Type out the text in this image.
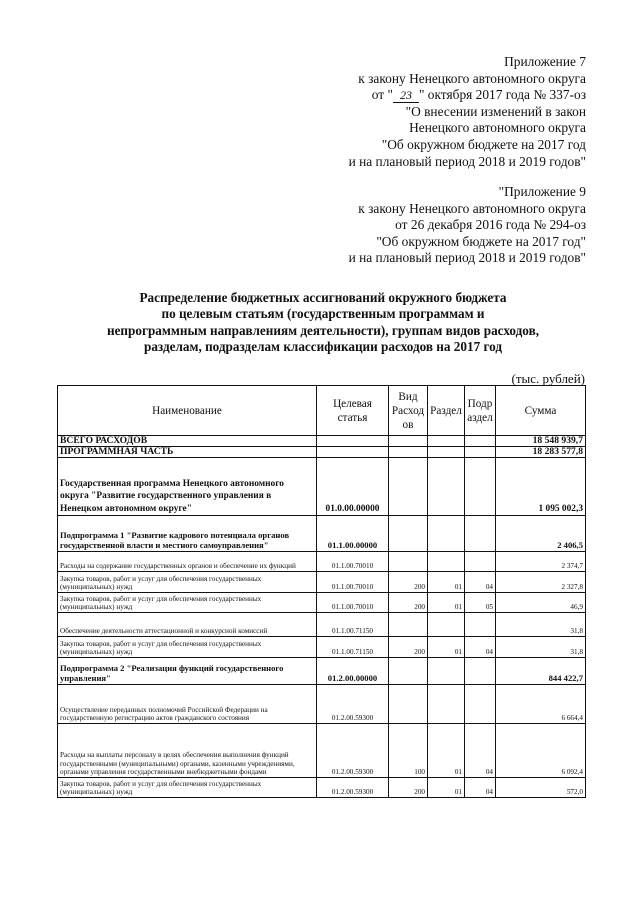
Приложение 7
к закону Ненецкого автономного округа
от " 23 " октября 2017 года № 337-оз
"О внесении изменений в закон
Ненецкого автономного округа
"Об окружном бюджете на 2017 год
и на плановый период 2018 и 2019 годов"
"Приложение 9
к закону Ненецкого автономного округа
от 26 декабря 2016 года № 294-оз
"Об окружном бюджете на 2017 год"
и на плановый период 2018 и 2019 годов"
Распределение бюджетных ассигнований окружного бюджета
по целевым статьям (государственным программам и
непрограммным направлениям деятельности), группам видов расходов,
разделам, подразделам классификации расходов на 2017 год
(тыс. рублей)
Наименование	Целевая статья	Вид Расход ов	Раздел	Подр аздел	Сумма
ВСЕГО РАСХОДОВ					18 548 939,7
ПРОГРАММНАЯ ЧАСТЬ					18 283 577,8
Государственная программа Ненецкого автономного округа "Развитие государственного управления в Ненецком автономном округе"	01.0.00.00000				1 095 002,3
Подпрограмма 1 "Развитие кадрового потенциала органов государственной власти и местного самоуправления"	01.1.00.00000				2 406,5
Расходы на содержание государственных органов и обеспечение их функций	01.1.00.70010				2 374,7
Закупка товаров, работ и услуг для обеспечения государственных (муниципальных) нужд	01.1.00.70010	200	01	04	2 327,8
Закупка товаров, работ и услуг для обеспечения государственных (муниципальных) нужд	01.1.00.70010	200	01	05	46,9
Обеспечение деятельности аттестационной и конкурсной комиссий	01.1.00.71150				31,8
Закупка товаров, работ и услуг для обеспечения государственных (муниципальных) нужд	01.1.00.71150	200	01	04	31,8
Подпрограмма 2 "Реализация функций государственного управления"	01.2.00.00000				844 422,7
Осуществление переданных полномочий Российской Федерации на государственную регистрацию актов гражданского состояния	01.2.00.59300				6 664,4
Расходы на выплаты персоналу в целях обеспечения выполнения функций государственными (муниципальными) органами, казенными учреждениями, органами управления государственными внебюджетными фондами	01.2.00.59300	100	01	04	6 092,4
Закупка товаров, работ и услуг для обеспечения государственных (муниципальных) нужд	01.2.00.59300	200	01	04	572,0
